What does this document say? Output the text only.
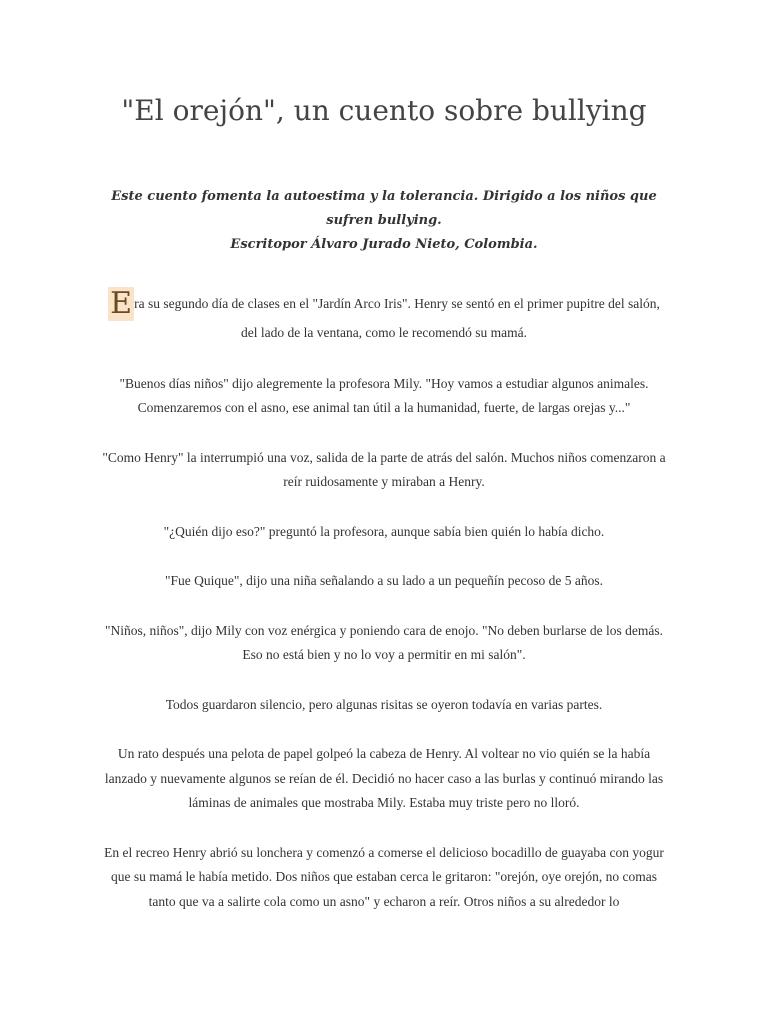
"El orejón", un cuento sobre bullying

Este cuento fomenta la autoestima y la tolerancia. Dirigido a los niños que sufren bullying.

Escritopor Álvaro Jurado Nieto, Colombia.

E ra su segundo día de clases en el "Jardín Arco Iris". Henry se sentó en el primer pupitre del salón, del lado de la ventana, como le recomendó su mamá.

"Buenos días niños" dijo alegremente la profesora Mily. "Hoy vamos a estudiar algunos animales. Comenzaremos con el asno, ese animal tan útil a la humanidad, fuerte, de largas orejas y..."

"Como Henry" la interrumpió una voz, salida de la parte de atrás del salón. Muchos niños comenzaron a reír ruidosamente y miraban a Henry.

"¿Quién dijo eso?" preguntó la profesora, aunque sabía bien quién lo había dicho.

"Fue Quique", dijo una niña señalando a su lado a un pequeñín pecoso de 5 años.

"Niños, niños", dijo Mily con voz enérgica y poniendo cara de enojo. "No deben burlarse de los demás. Eso no está bien y no lo voy a permitir en mi salón".

Todos guardaron silencio, pero algunas risitas se oyeron todavía en varias partes.

Un rato después una pelota de papel golpeó la cabeza de Henry. Al voltear no vio quién se la había lanzado y nuevamente algunos se reían de él. Decidió no hacer caso a las burlas y continuó mirando las láminas de animales que mostraba Mily. Estaba muy triste pero no lloró.

En el recreo Henry abrió su lonchera y comenzó a comerse el delicioso bocadillo de guayaba con yogur que su mamá le había metido. Dos niños que estaban cerca le gritaron: "orejón, oye orejón, no comas tanto que va a salirte cola como un asno" y echaron a reír. Otros niños a su alrededor lo
